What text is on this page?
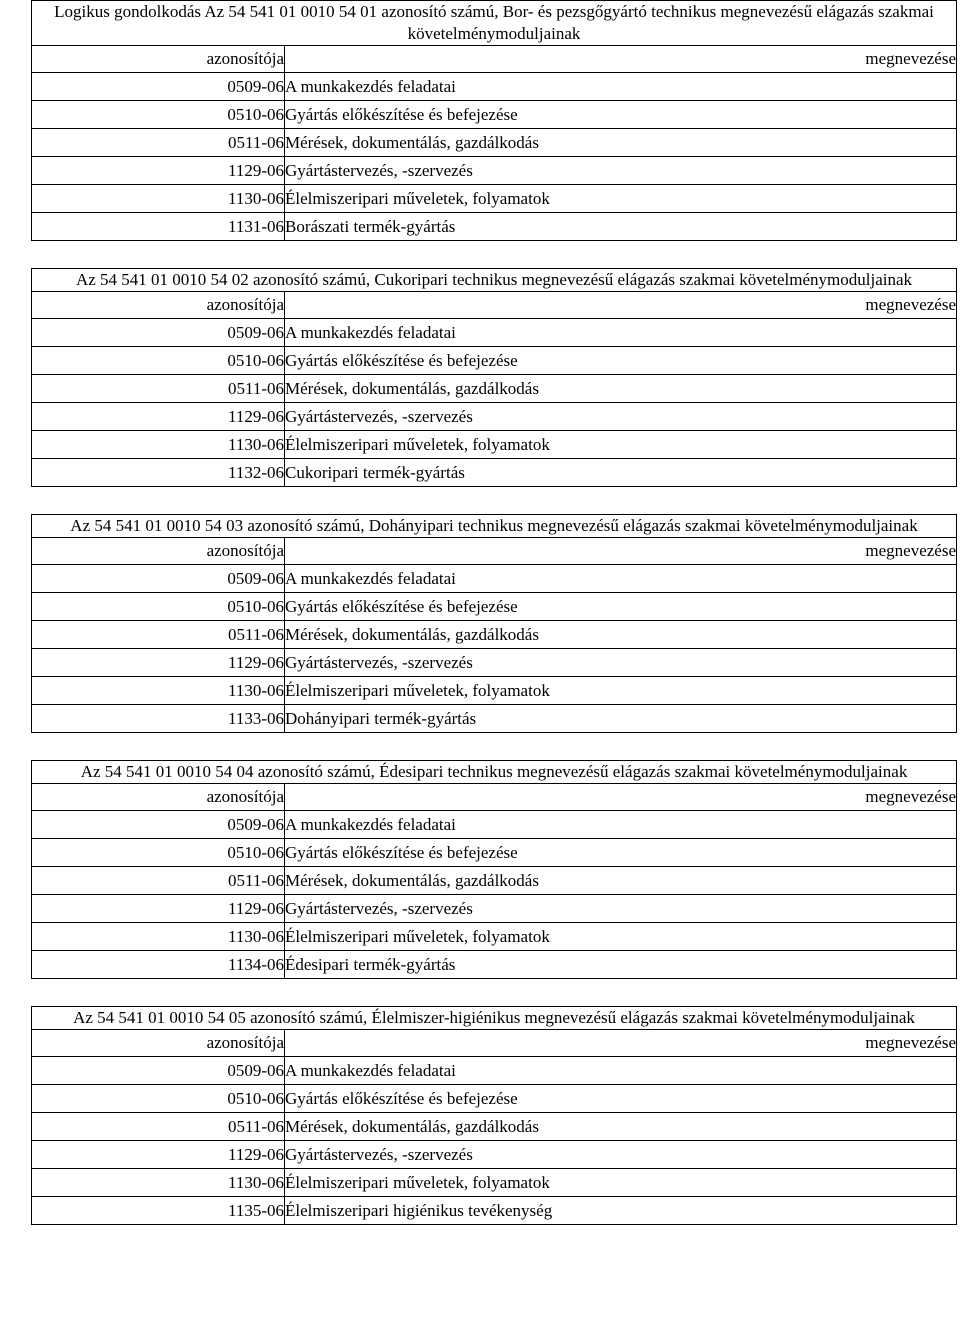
Logikus gondolkodás Az 54 541 01 0010 54 01 azonosító számú, Bor- és pezsgőgyártó technikus megnevezésű elágazás szakmai követelménymoduljainak	
azonosítója	megnevezése
0509-06	A munkakezdés feladatai
0510-06	Gyártás előkészítése és befejezése
0511-06	Mérések, dokumentálás, gazdálkodás
1129-06	Gyártástervezés, -szervezés
1130-06	Élelmiszeripari műveletek, folyamatok
1131-06	Borászati termék-gyártás
Az 54 541 01 0010 54 02 azonosító számú, Cukoripari technikus megnevezésű elágazás szakmai követelménymoduljainak	
azonosítója	megnevezése
0509-06	A munkakezdés feladatai
0510-06	Gyártás előkészítése és befejezése
0511-06	Mérések, dokumentálás, gazdálkodás
1129-06	Gyártástervezés, -szervezés
1130-06	Élelmiszeripari műveletek, folyamatok
1132-06	Cukoripari termék-gyártás
Az 54 541 01 0010 54 03 azonosító számú, Dohányipari technikus megnevezésű elágazás szakmai követelménymoduljainak	
azonosítója	megnevezése
0509-06	A munkakezdés feladatai
0510-06	Gyártás előkészítése és befejezése
0511-06	Mérések, dokumentálás, gazdálkodás
1129-06	Gyártástervezés, -szervezés
1130-06	Élelmiszeripari műveletek, folyamatok
1133-06	Dohányipari termék-gyártás
Az 54 541 01 0010 54 04 azonosító számú, Édesipari technikus megnevezésű elágazás szakmai követelménymoduljainak	
azonosítója	megnevezése
0509-06	A munkakezdés feladatai
0510-06	Gyártás előkészítése és befejezése
0511-06	Mérések, dokumentálás, gazdálkodás
1129-06	Gyártástervezés, -szervezés
1130-06	Élelmiszeripari műveletek, folyamatok
1134-06	Édesipari termék-gyártás
Az 54 541 01 0010 54 05 azonosító számú, Élelmiszer-higiénikus megnevezésű elágazás szakmai követelménymoduljainak	
azonosítója	megnevezése
0509-06	A munkakezdés feladatai
0510-06	Gyártás előkészítése és befejezése
0511-06	Mérések, dokumentálás, gazdálkodás
1129-06	Gyártástervezés, -szervezés
1130-06	Élelmiszeripari műveletek, folyamatok
1135-06	Élelmiszeripari higiénikus tevékenység
